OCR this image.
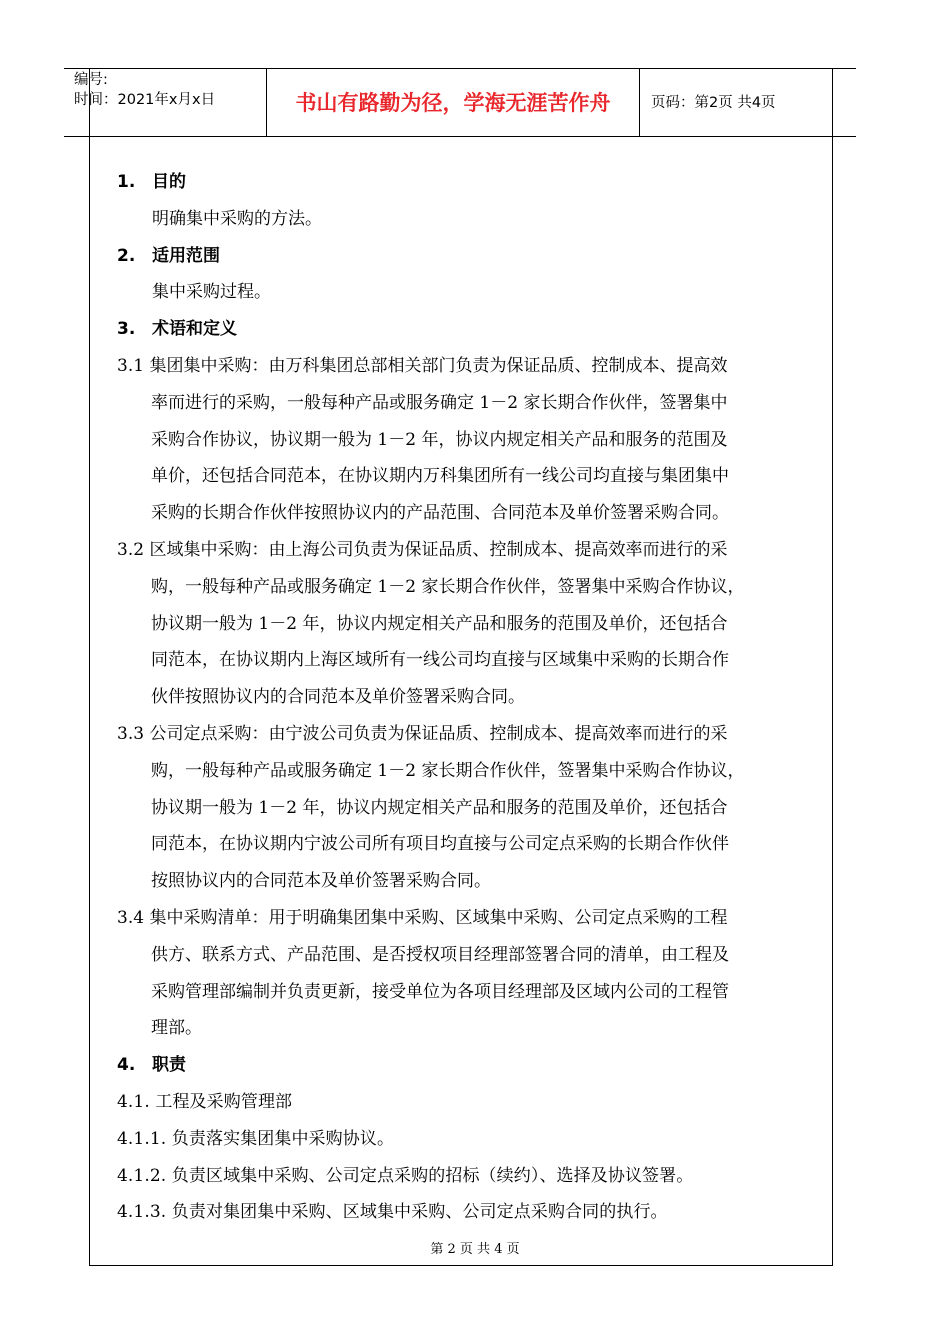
编号:
时间：2021年x月x日	书山有路勤为径，学海无涯苦作舟	页码：第2页 共4页
1. 目的
明确集中采购的方法。
2. 适用范围
集中采购过程。
3. 术语和定义
3.1 集团集中采购：由万科集团总部相关部门负责为保证品质、控制成本、提高效
率而进行的采购，一般每种产品或服务确定 1－2 家长期合作伙伴，签署集中
采购合作协议，协议期一般为 1－2 年，协议内规定相关产品和服务的范围及
单价，还包括合同范本，在协议期内万科集团所有一线公司均直接与集团集中
采购的长期合作伙伴按照协议内的产品范围、合同范本及单价签署采购合同。
3.2 区域集中采购：由上海公司负责为保证品质、控制成本、提高效率而进行的采
购，一般每种产品或服务确定 1－2 家长期合作伙伴，签署集中采购合作协议，
协议期一般为 1－2 年，协议内规定相关产品和服务的范围及单价，还包括合
同范本，在协议期内上海区域所有一线公司均直接与区域集中采购的长期合作
伙伴按照协议内的合同范本及单价签署采购合同。
3.3 公司定点采购：由宁波公司负责为保证品质、控制成本、提高效率而进行的采
购，一般每种产品或服务确定 1－2 家长期合作伙伴，签署集中采购合作协议，
协议期一般为 1－2 年，协议内规定相关产品和服务的范围及单价，还包括合
同范本，在协议期内宁波公司所有项目均直接与公司定点采购的长期合作伙伴
按照协议内的合同范本及单价签署采购合同。
3.4 集中采购清单：用于明确集团集中采购、区域集中采购、公司定点采购的工程
供方、联系方式、产品范围、是否授权项目经理部签署合同的清单，由工程及
采购管理部编制并负责更新，接受单位为各项目经理部及区域内公司的工程管
理部。
4. 职责
4.1. 工程及采购管理部
4.1.1. 负责落实集团集中采购协议。
4.1.2. 负责区域集中采购、公司定点采购的招标（续约）、选择及协议签署。
4.1.3. 负责对集团集中采购、区域集中采购、公司定点采购合同的执行。
第 2 页 共 4 页
